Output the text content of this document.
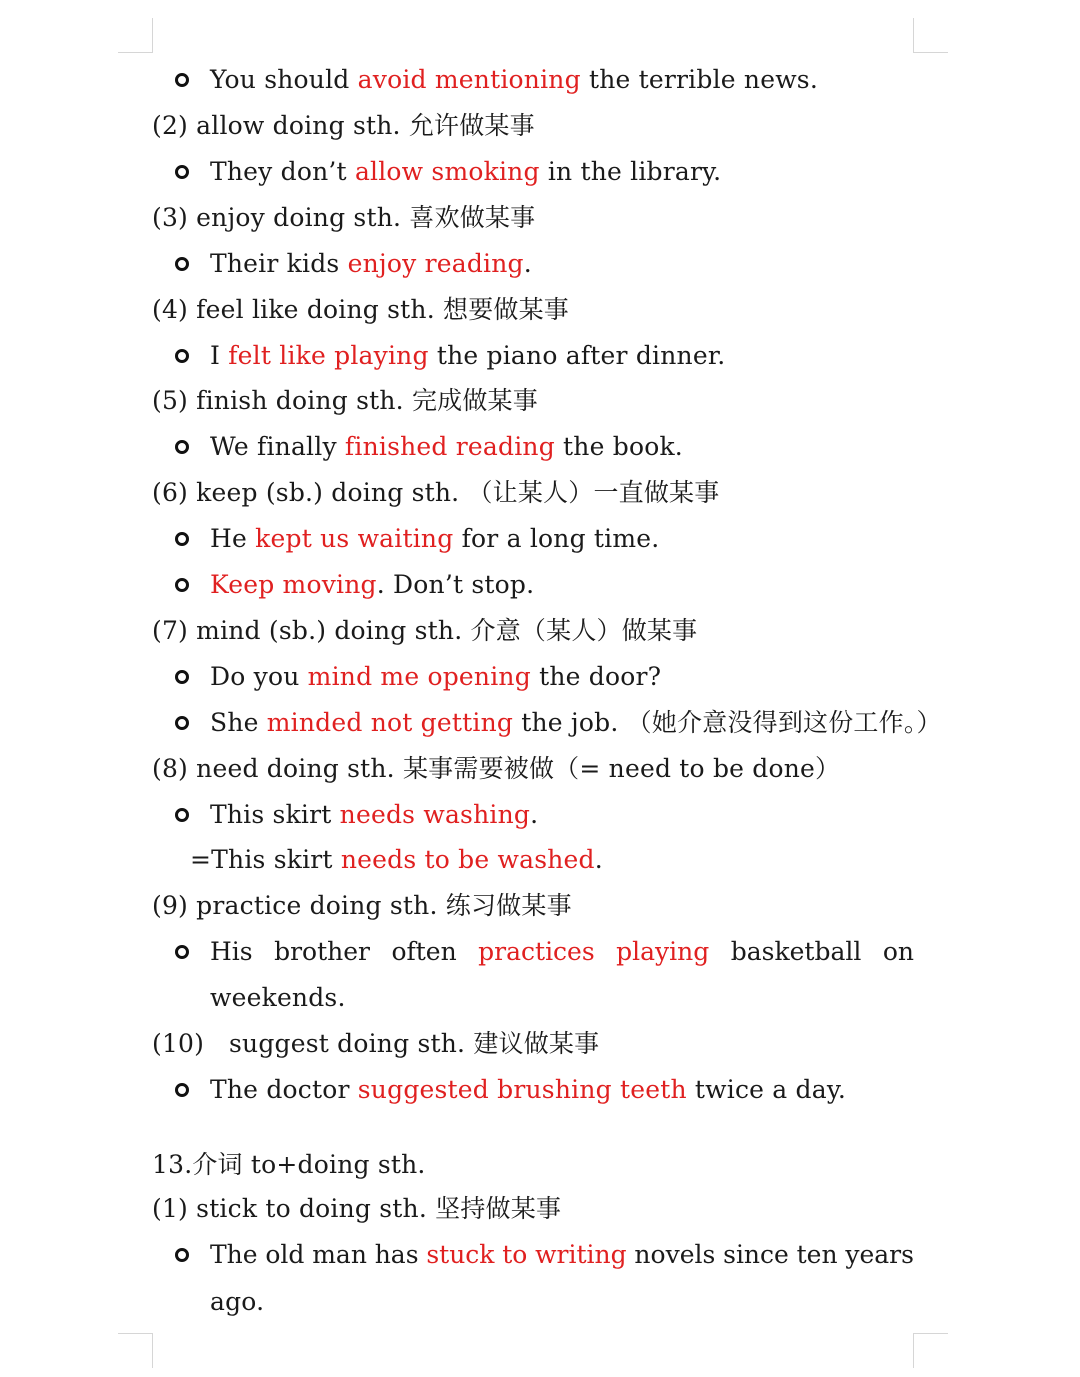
You should avoid mentioning the terrible news.
(2) allow doing sth. 允许做某事
They don’t allow smoking in the library.
(3) enjoy doing sth. 喜欢做某事
Their kids enjoy reading.
(4) feel like doing sth. 想要做某事
I felt like playing the piano after dinner.
(5) finish doing sth. 完成做某事
We finally finished reading the book.
(6) keep (sb.) doing sth. （让某人）一直做某事
He kept us waiting for a long time.
Keep moving. Don’t stop.
(7) mind (sb.) doing sth. 介意（某人）做某事
Do you mind me opening the door?
She minded not getting the job. （她介意没得到这份工作。）
(8) need doing sth. 某事需要被做（= need to be done）
This skirt needs washing.
=This skirt needs to be washed.
(9) practice doing sth. 练习做某事
His brother often practices playing basketball on
weekends.
(10) suggest doing sth. 建议做某事
The doctor suggested brushing teeth twice a day.
13.介词 to+doing sth.
(1) stick to doing sth. 坚持做某事
The old man has stuck to writing novels since ten years
ago.
